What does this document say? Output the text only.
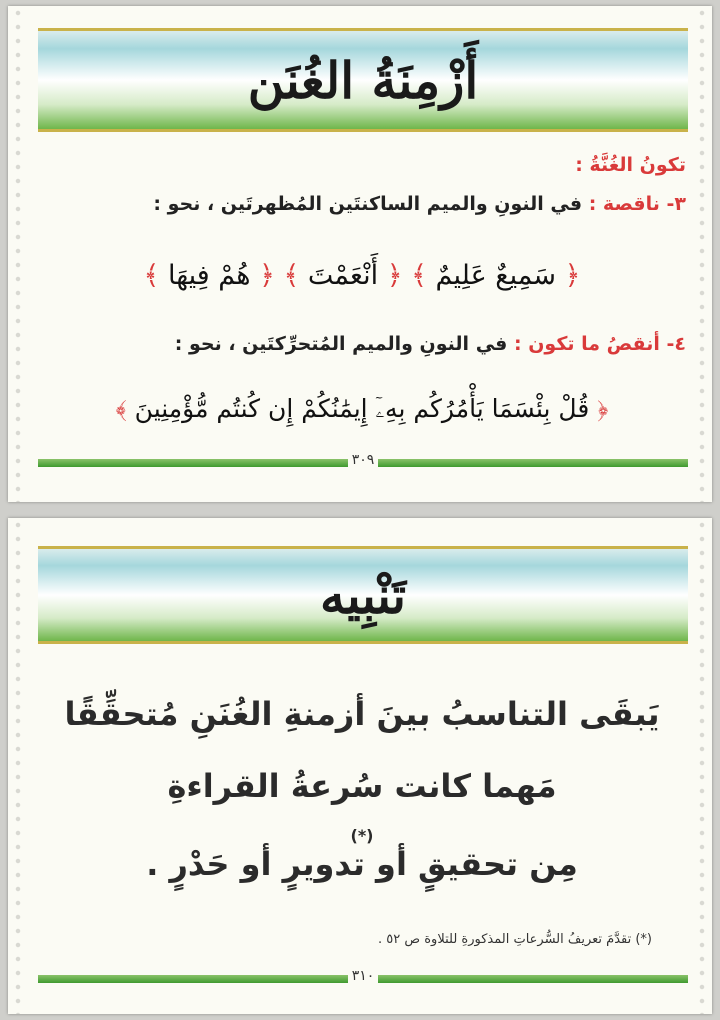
أَزْمِنَةُ الغُنَن
تكونُ الغُنَّةُ :
٣- ناقصة : في النونِ والميم الساكنتَين المُظهرتَين ، نحو :
﴿ سَمِيعٌ عَلِيمٌ ﴾ ﴿ أَنْعَمْتَ ﴾ ﴿ هُمْ فِيهَا ﴾
٤- أنقصُ ما تكون : في النونِ والميم المُتحرِّكتَين ، نحو :
﴿ قُلْ بِئْسَمَا يَأْمُرُكُم بِهِۦٓ إِيمَٰنُكُمْ إِن كُنتُم مُّؤْمِنِينَ ﴾
٣٠٩
تَنْبِيه
يَبقَى التناسبُ بينَ أزمنةِ الغُنَنِ مُتحقِّقًا
مَهما كانت سُرعةُ القراءةِ
(*)
مِن تحقيقٍ أو تدويرٍ أو حَدْرٍ .
(*) تقدَّمَ تعريفُ السُّرعاتِ المذكورةِ للتلاوة ص ٥٢ .
٣١٠
